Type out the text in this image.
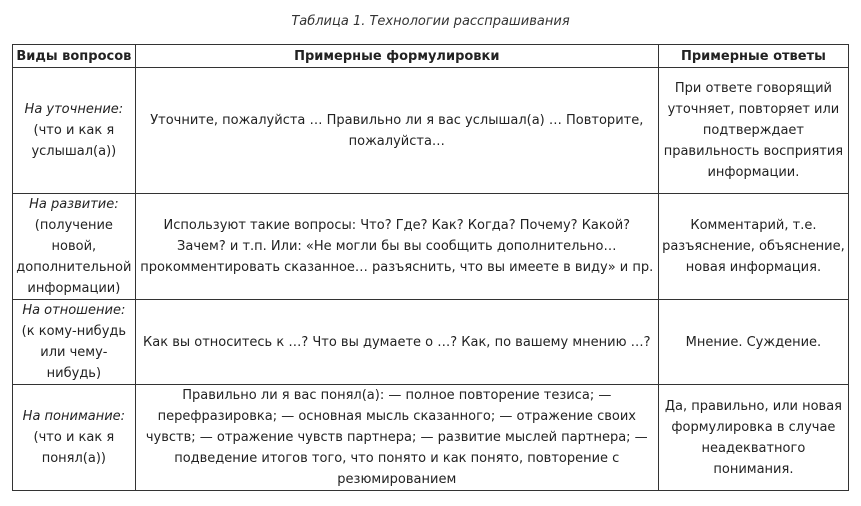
Таблица 1. Технологии расспрашивания
Виды вопросов	Примерные формулировки	Примерные ответы

На уточнение:
(что и как я услышал(а))	Уточните, пожалуйста … Правильно ли я вас услышал(а) … Повторите, пожалуйста…	При ответе говорящий уточняет, повторяет или подтверждает правильность восприятия информации.

На развитие:
(получение новой, дополнительной информации)	Используют такие вопросы: Что? Где? Как? Когда? Почему? Какой? Зачем? и т.п. Или: «Не могли бы вы сообщить дополнительно… прокомментировать сказанное… разъяснить, что вы имеете в виду» и пр.	Комментарий, т.е. разъяснение, объяснение, новая информация.

На отношение:
(к кому-нибудь или чему-нибудь)	Как вы относитесь к …? Что вы думаете о …? Как, по вашему мнению …?	Мнение. Суждение.

На понимание:
(что и как я понял(а))	Правильно ли я вас понял(а): — полное повторение тезиса; — перефразировка; — основная мысль сказанного; — отражение своих чувств; — отражение чувств партнера; — развитие мыслей партнера; — подведение итогов того, что понято и как понято, повторение с резюмированием	Да, правильно, или новая формулировка в случае неадекватного понимания.
